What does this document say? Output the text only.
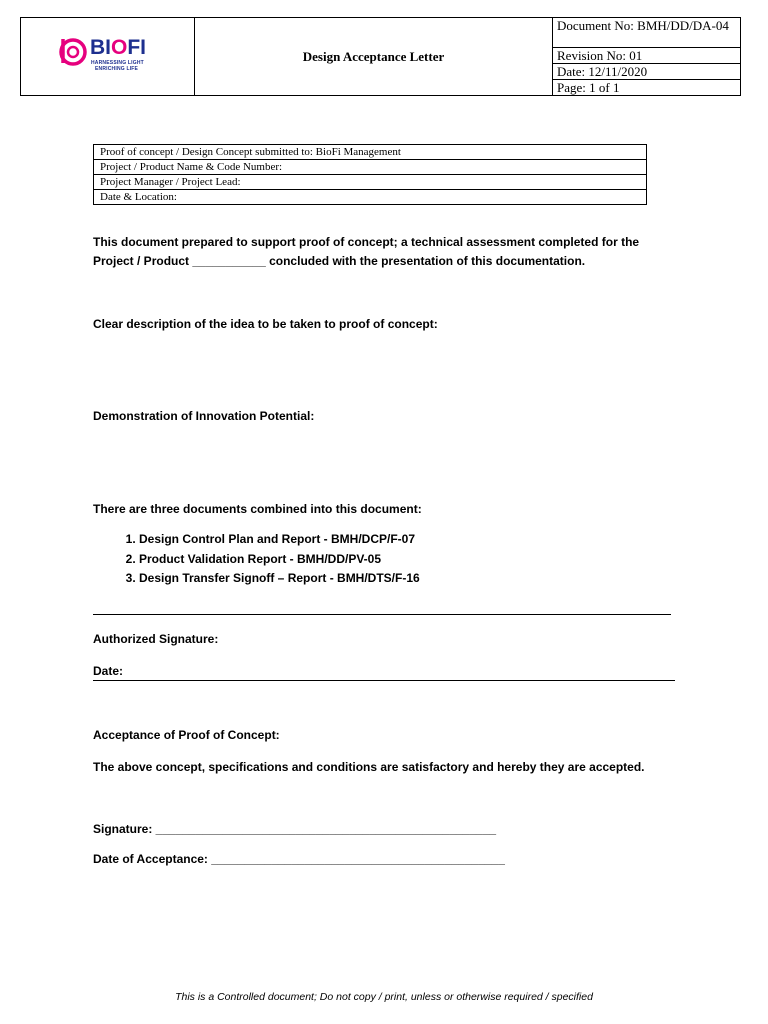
BIOFI
HARNESSING LIGHT
ENRICHING LIFE
Design Acceptance Letter
Document No: BMH/DD/DA-04
Revision No: 01
Date: 12/11/2020
Page: 1 of 1
Proof of concept / Design Concept submitted to: BioFi Management
Project / Product Name & Code Number:
Project Manager / Project Lead:
Date & Location:
This document prepared to support proof of concept; a technical assessment completed for the Project / Product ___________ concluded with the presentation of this documentation.
Clear description of the idea to be taken to proof of concept:
Demonstration of Innovation Potential:
There are three documents combined into this document:
1. Design Control Plan and Report - BMH/DCP/F-07
2. Product Validation Report - BMH/DD/PV-05
3. Design Transfer Signoff – Report - BMH/DTS/F-16
Authorized Signature:
Date:
Acceptance of Proof of Concept:
The above concept, specifications and conditions are satisfactory and hereby they are accepted.
Signature: ___________________________________________________
Date of Acceptance: ____________________________________________
This is a Controlled document; Do not copy / print, unless or otherwise required / specified
